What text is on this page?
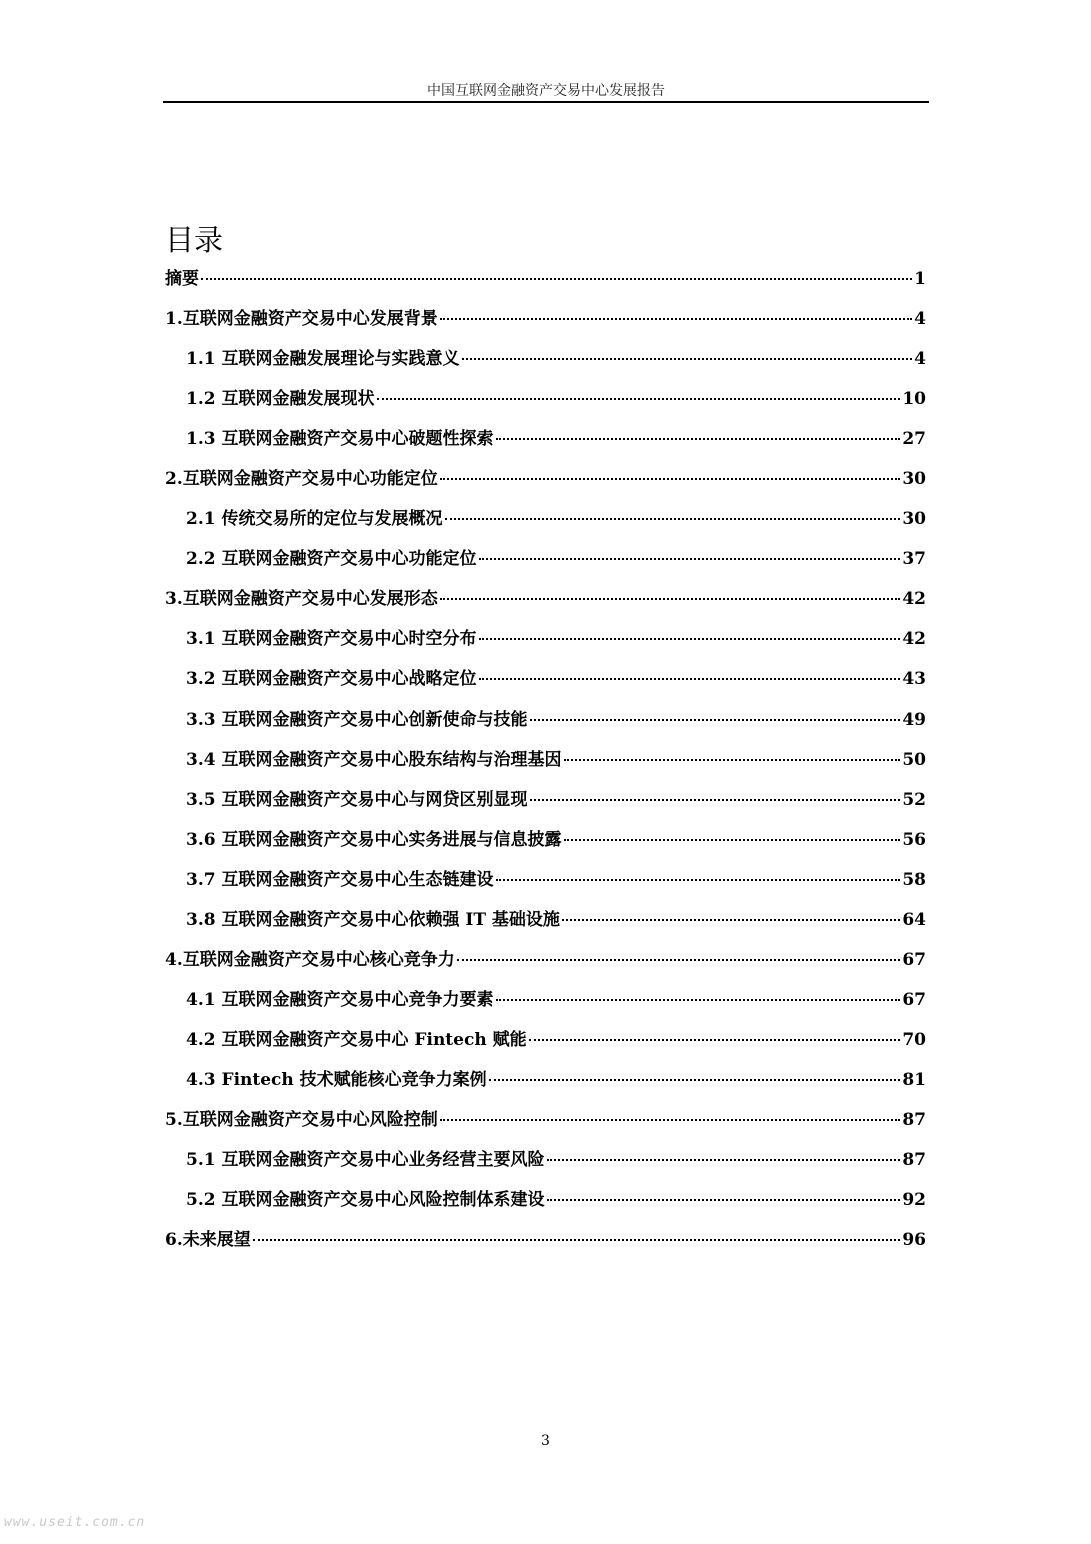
中国互联网金融资产交易中心发展报告
目录
摘要	1
1.互联网金融资产交易中心发展背景	4
1.1 互联网金融发展理论与实践意义	4
1.2 互联网金融发展现状	10
1.3 互联网金融资产交易中心破题性探索	27
2.互联网金融资产交易中心功能定位	30
2.1 传统交易所的定位与发展概况	30
2.2 互联网金融资产交易中心功能定位	37
3.互联网金融资产交易中心发展形态	42
3.1 互联网金融资产交易中心时空分布	42
3.2 互联网金融资产交易中心战略定位	43
3.3 互联网金融资产交易中心创新使命与技能	49
3.4 互联网金融资产交易中心股东结构与治理基因	50
3.5 互联网金融资产交易中心与网贷区别显现	52
3.6 互联网金融资产交易中心实务进展与信息披露	56
3.7 互联网金融资产交易中心生态链建设	58
3.8 互联网金融资产交易中心依赖强 IT 基础设施	64
4.互联网金融资产交易中心核心竞争力	67
4.1 互联网金融资产交易中心竞争力要素	67
4.2 互联网金融资产交易中心 Fintech 赋能	70
4.3 Fintech 技术赋能核心竞争力案例	81
5.互联网金融资产交易中心风险控制	87
5.1 互联网金融资产交易中心业务经营主要风险	87
5.2 互联网金融资产交易中心风险控制体系建设	92
6.未来展望	96
3
www.useit.com.cn
